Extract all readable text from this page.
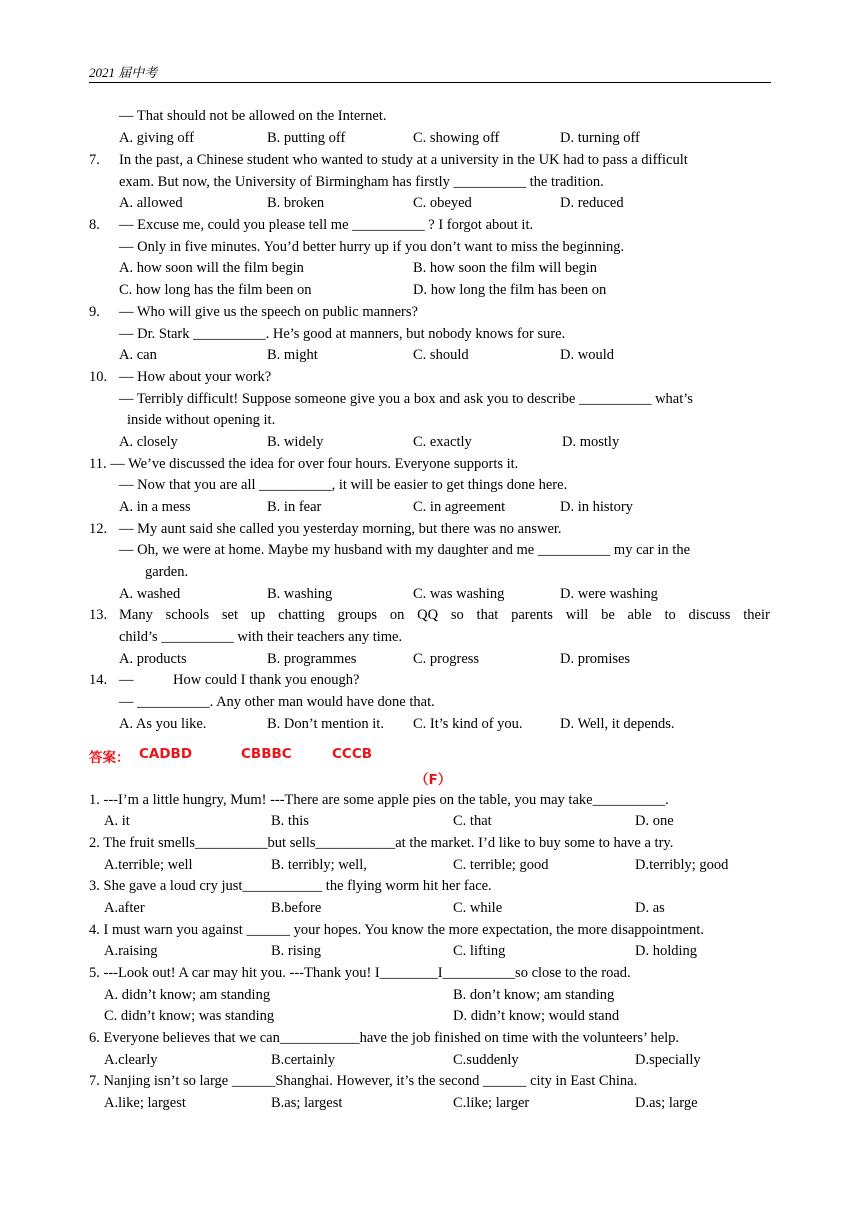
2021 届中考
— That should not be allowed on the Internet.
A. giving off	B. putting off	C. showing off	D. turning off
7. In the past, a Chinese student who wanted to study at a university in the UK had to pass a difficult
exam. But now, the University of Birmingham has firstly __________ the tradition.
A. allowed	B. broken	C. obeyed	D. reduced
8. — Excuse me, could you please tell me __________ ? I forgot about it.
— Only in five minutes. You’d better hurry up if you don’t want to miss the beginning.
A. how soon will the film begin	B. how soon the film will begin
C. how long has the film been on	D. how long the film has been on
9. — Who will give us the speech on public manners?
— Dr. Stark __________. He’s good at manners, but nobody knows for sure.
A. can	B. might	C. should	D. would
10. — How about your work?
— Terribly difficult! Suppose someone give you a box and ask you to describe __________ what’s
inside without opening it.
A. closely	B. widely	C. exactly	D. mostly
11. — We’ve discussed the idea for over four hours. Everyone supports it.
— Now that you are all __________, it will be easier to get things done here.
A. in a mess	B. in fear	C. in agreement	D. in history
12. — My aunt said she called you yesterday morning, but there was no answer.
— Oh, we were at home. Maybe my husband with my daughter and me __________ my car in the
garden.
A. washed	B. washing	C. was washing	D. were washing
child’s __________ with their teachers any time.
A. products	B. programmes	C. progress	D. promises
14. —	How could I thank you enough?
— __________. Any other man would have done that.
A. As you like.	B. Don’t mention it. C. It’s kind of you.	D. Well, it depends.
1. ---I’m a little hungry, Mum! ---There are some apple pies on the table, you may take__________.
A. it	B. this	C. that	D. one
2. The fruit smells__________but sells___________at the market. I’d like to buy some to have a try.
A.terrible; well	B. terribly; well,	C. terrible; good	D.terribly; good
3. She gave a loud cry just___________ the flying worm hit her face.
A.after	B.before	C. while	D. as
4. I must warn you against ______ your hopes. You know the more expectation, the more disappointment.
A.raising	B. rising	C. lifting	D. holding
5. ---Look out! A car may hit you. ---Thank you! I________I__________so close to the road.
A. didn’t know; am standing	B. don’t know; am standing
C. didn’t know; was standing	D. didn’t know; would stand
6. Everyone believes that we can___________have the job finished on time with the volunteers’ help.
A.clearly	B.certainly	C.suddenly	D.specially
7. Nanjing isn’t so large ______Shanghai. However, it’s the second ______ city in East China.
A.like; largest	B.as; largest	C.like; larger	D.as; large
13. Many schools set up chatting groups on QQ so that parents will be able to discuss their
答案： CADBD	CBBBC	CCCB
（F）
